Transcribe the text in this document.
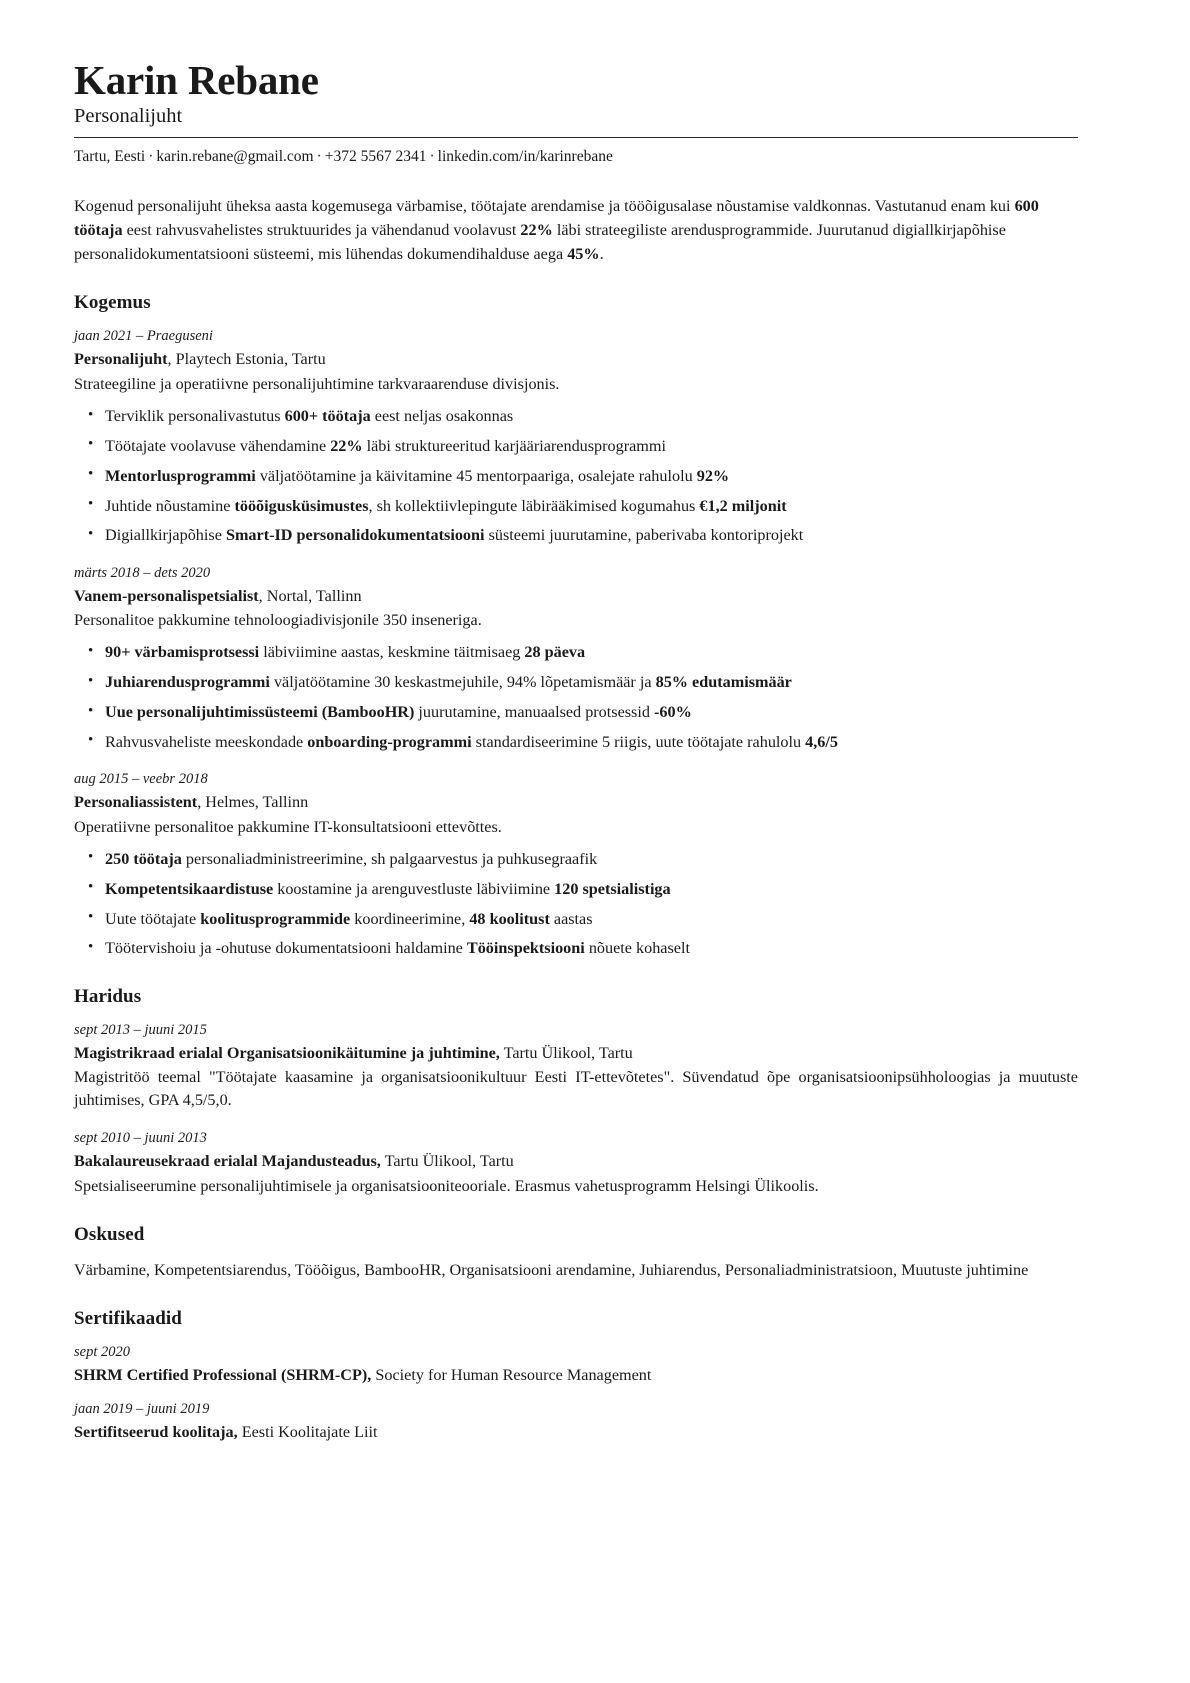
Karin Rebane
Personalijuht
Tartu, Eesti · karin.rebane@gmail.com · +372 5567 2341 · linkedin.com/in/karinrebane

Kogenud personalijuht üheksa aasta kogemusega värbamise, töötajate arendamise ja tööõigusalase nõustamise valdkonnas. Vastutanud enam kui 600 töötaja eest rahvusvahelistes struktuurides ja vähendanud voolavust 22% läbi strateegiliste arendusprogrammide. Juurutanud digiallkirjapõhise personalidokumentatsiooni süsteemi, mis lühendas dokumendihalduse aega 45%.

Kogemus
jaan 2021 – Praeguseni
Personalijuht, Playtech Estonia, Tartu
Strateegiline ja operatiivne personalijuhtimine tarkvaraarenduse divisjonis.
• Terviklik personalivastutus 600+ töötaja eest neljas osakonnas
• Töötajate voolavuse vähendamine 22% läbi struktureeritud karjääriarendusprogrammi
• Mentorlusprogrammi väljatöötamine ja käivitamine 45 mentorpaariga, osalejate rahulolu 92%
• Juhtide nõustamine tööõigusküsimustes, sh kollektiivlepingute läbirääkimised kogumahus €1,2 miljonit
• Digiallkirjapõhise Smart-ID personalidokumentatsiooni süsteemi juurutamine, paberivaba kontoriprojekt
märts 2018 – dets 2020
Vanem-personalispetsialist, Nortal, Tallinn
Personalitoe pakkumine tehnoloogiadivisjonile 350 inseneriga.
• 90+ värbamisprotsessi läbiviimine aastas, keskmine täitmisaeg 28 päeva
• Juhiarendusprogrammi väljatöötamine 30 keskastmejuhile, 94% lõpetamismäär ja 85% edutamismäär
• Uue personalijuhtimissüsteemi (BambooHR) juurutamine, manuaalsed protsessid -60%
• Rahvusvaheliste meeskondade onboarding-programmi standardiseerimine 5 riigis, uute töötajate rahulolu 4,6/5
aug 2015 – veebr 2018
Personaliassistent, Helmes, Tallinn
Operatiivne personalitoe pakkumine IT-konsultatsiooni ettevõttes.
• 250 töötaja personaliadministreerimine, sh palgaarvestus ja puhkusegraafik
• Kompetentsikaardistuse koostamine ja arenguvestluste läbiviimine 120 spetsialistiga
• Uute töötajate koolitusprogrammide koordineerimine, 48 koolitust aastas
• Töötervishoiu ja -ohutuse dokumentatsiooni haldamine Tööinspektsiooni nõuete kohaselt
Haridus
sept 2013 – juuni 2015
Magistrikraad erialal Organisatsioonikäitumine ja juhtimine, Tartu Ülikool, Tartu
Magistritöö teemal "Töötajate kaasamine ja organisatsioonikultuur Eesti IT-ettevõtetes". Süvendatud õpe organisatsioonipsühholoogias ja muutuste juhtimises, GPA 4,5/5,0.
sept 2010 – juuni 2013
Bakalaureusekraad erialal Majandusteadus, Tartu Ülikool, Tartu
Spetsialiseerumine personalijuhtimisele ja organisatsiooniteooriale. Erasmus vahetusprogramm Helsingi Ülikoolis.
Oskused

Värbamine, Kompetentsiarendus, Tööõigus, BambooHR, Organisatsiooni arendamine, Juhiarendus, Personaliadministratsioon, Muutuste juhtimine

Sertifikaadid
sept 2020
SHRM Certified Professional (SHRM-CP), Society for Human Resource Management
jaan 2019 – juuni 2019
Sertifitseerud koolitaja, Eesti Koolitajate Liit
